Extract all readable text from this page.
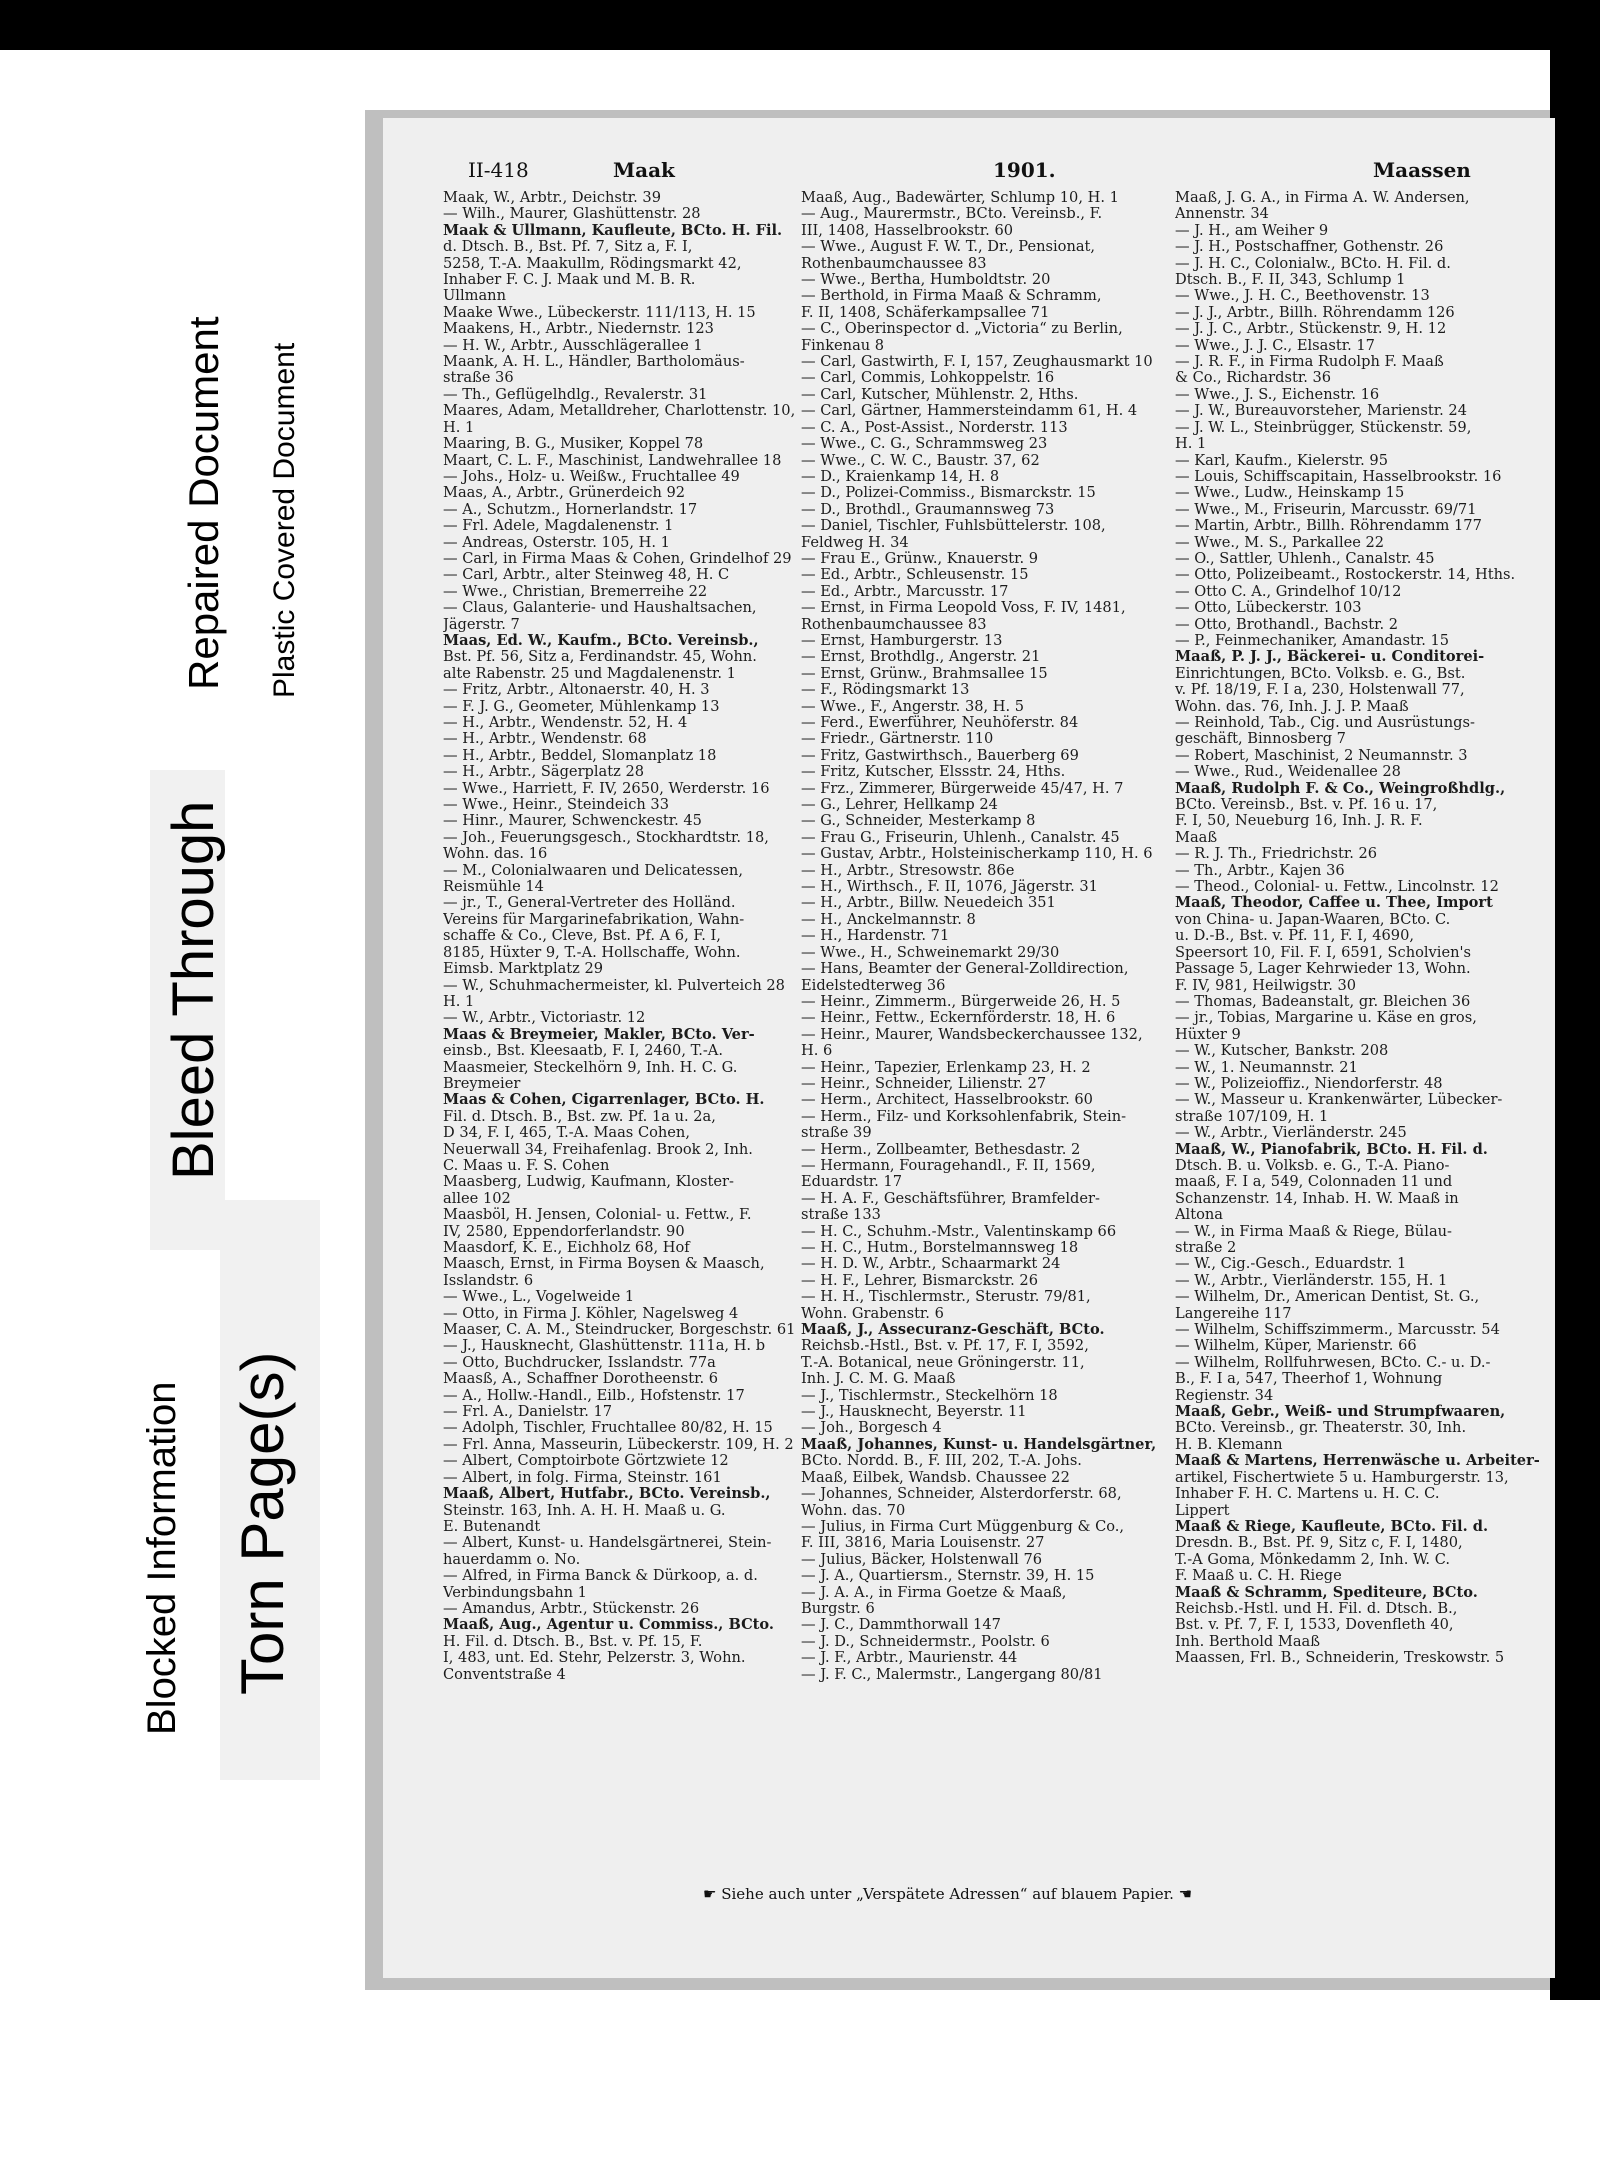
Blocked Information Torn Page(s)
Bleed Through
Repaired Document Plastic Covered Document
II-418	Maak	1901.	Maassen
Maak, W., Arbtr., Deichstr. 39
— Wilh., Maurer, Glashüttenstr. 28
Maak & Ullmann, Kaufleute, BCto. H. Fil.
d. Dtsch. B., Bst. Pf. 7, Sitz a, F. I,
5258, T.-A. Maakullm, Rödingsmarkt 42,
Inhaber F. C. J. Maak und M. B. R.
Ullmann
Maake Wwe., Lübeckerstr. 111/113, H. 15
Maakens, H., Arbtr., Niedernstr. 123
— H. W., Arbtr., Ausschlägerallee 1
Maank, A. H. L., Händler, Bartholomäus-
straße 36
— Th., Geflügelhdlg., Revalerstr. 31
Maares, Adam, Metalldreher, Charlottenstr. 10,
H. 1
Maaring, B. G., Musiker, Koppel 78
Maart, C. L. F., Maschinist, Landwehrallee 18
— Johs., Holz- u. Weißw., Fruchtallee 49
Maas, A., Arbtr., Grünerdeich 92
— A., Schutzm., Hornerlandstr. 17
— Frl. Adele, Magdalenenstr. 1
— Andreas, Osterstr. 105, H. 1
— Carl, in Firma Maas & Cohen, Grindelhof 29
— Carl, Arbtr., alter Steinweg 48, H. C
— Wwe., Christian, Bremerreihe 22
— Claus, Galanterie- und Haushaltsachen,
Jägerstr. 7
Maas, Ed. W., Kaufm., BCto. Vereinsb.,
Bst. Pf. 56, Sitz a, Ferdinandstr. 45, Wohn.
alte Rabenstr. 25 und Magdalenenstr. 1
— Fritz, Arbtr., Altonaerstr. 40, H. 3
— F. J. G., Geometer, Mühlenkamp 13
— H., Arbtr., Wendenstr. 52, H. 4
— H., Arbtr., Wendenstr. 68
— H., Arbtr., Beddel, Slomanplatz 18
— H., Arbtr., Sägerplatz 28
— Wwe., Harriett, F. IV, 2650, Werderstr. 16
— Wwe., Heinr., Steindeich 33
— Hinr., Maurer, Schwenckestr. 45
— Joh., Feuerungsgesch., Stockhardtstr. 18,
Wohn. das. 16
— M., Colonialwaaren und Delicatessen,
Reismühle 14
— jr., T., General-Vertreter des Holländ.
Vereins für Margarinefabrikation, Wahn-
schaffe & Co., Cleve, Bst. Pf. A 6, F. I,
8185, Hüxter 9, T.-A. Hollschaffe, Wohn.
Eimsb. Marktplatz 29
— W., Schuhmachermeister, kl. Pulverteich 28
H. 1
— W., Arbtr., Victoriastr. 12
Maas & Breymeier, Makler, BCto. Ver-
einsb., Bst. Kleesaatb, F. I, 2460, T.-A.
Maasmeier, Steckelhörn 9, Inh. H. C. G.
Breymeier
Maas & Cohen, Cigarrenlager, BCto. H.
Fil. d. Dtsch. B., Bst. zw. Pf. 1a u. 2a,
D 34, F. I, 465, T.-A. Maas Cohen,
Neuerwall 34, Freihafenlag. Brook 2, Inh.
C. Maas u. F. S. Cohen
Maasberg, Ludwig, Kaufmann, Kloster-
allee 102
Maasböl, H. Jensen, Colonial- u. Fettw., F.
IV, 2580, Eppendorferlandstr. 90
Maasdorf, K. E., Eichholz 68, Hof
Maasch, Ernst, in Firma Boysen & Maasch,
Isslandstr. 6
— Wwe., L., Vogelweide 1
— Otto, in Firma J. Köhler, Nagelsweg 4
Maaser, C. A. M., Steindrucker, Borgeschstr. 61
— J., Hausknecht, Glashüttenstr. 111a, H. b
— Otto, Buchdrucker, Isslandstr. 77a
Maasß, A., Schaffner Dorotheenstr. 6
— A., Hollw.-Handl., Eilb., Hofstenstr. 17
— Frl. A., Danielstr. 17
— Adolph, Tischler, Fruchtallee 80/82, H. 15
— Frl. Anna, Masseurin, Lübeckerstr. 109, H. 2
— Albert, Comptoirbote Görtzwiete 12
— Albert, in folg. Firma, Steinstr. 161
Maaß, Albert, Hutfabr., BCto. Vereinsb.,
Steinstr. 163, Inh. A. H. H. Maaß u. G.
E. Butenandt
— Albert, Kunst- u. Handelsgärtnerei, Stein-
hauerdamm o. No.
— Alfred, in Firma Banck & Dürkoop, a. d.
Verbindungsbahn 1
— Amandus, Arbtr., Stückenstr. 26
Maaß, Aug., Agentur u. Commiss., BCto.
H. Fil. d. Dtsch. B., Bst. v. Pf. 15, F.
I, 483, unt. Ed. Stehr, Pelzerstr. 3, Wohn.
Conventstraße 4
Maaß, Aug., Badewärter, Schlump 10, H. 1
— Aug., Maurermstr., BCto. Vereinsb., F.
III, 1408, Hasselbrookstr. 60
— Wwe., August F. W. T., Dr., Pensionat,
Rothenbaumchaussee 83
— Wwe., Bertha, Humboldtstr. 20
— Berthold, in Firma Maaß & Schramm,
F. II, 1408, Schäferkampsallee 71
— C., Oberinspector d. „Victoria“ zu Berlin,
Finkenau 8
— Carl, Gastwirth, F. I, 157, Zeughausmarkt 10
— Carl, Commis, Lohkoppelstr. 16
— Carl, Kutscher, Mühlenstr. 2, Hths.
— Carl, Gärtner, Hammersteindamm 61, H. 4
— C. A., Post-Assist., Norderstr. 113
— Wwe., C. G., Schrammsweg 23
— Wwe., C. W. C., Baustr. 37, 62
— D., Kraienkamp 14, H. 8
— D., Polizei-Commiss., Bismarckstr. 15
— D., Brothdl., Graumannsweg 73
— Daniel, Tischler, Fuhlsbüttelerstr. 108,
Feldweg H. 34
— Frau E., Grünw., Knauerstr. 9
— Ed., Arbtr., Schleusenstr. 15
— Ed., Arbtr., Marcusstr. 17
— Ernst, in Firma Leopold Voss, F. IV, 1481,
Rothenbaumchaussee 83
— Ernst, Hamburgerstr. 13
— Ernst, Brothdlg., Angerstr. 21
— Ernst, Grünw., Brahmsallee 15
— F., Rödingsmarkt 13
— Wwe., F., Angerstr. 38, H. 5
— Ferd., Ewerführer, Neuhöferstr. 84
— Friedr., Gärtnerstr. 110
— Fritz, Gastwirthsch., Bauerberg 69
— Fritz, Kutscher, Elssstr. 24, Hths.
— Frz., Zimmerer, Bürgerweide 45/47, H. 7
— G., Lehrer, Hellkamp 24
— G., Schneider, Mesterkamp 8
— Frau G., Friseurin, Uhlenh., Canalstr. 45
— Gustav, Arbtr., Holsteinischerkamp 110, H. 6
— H., Arbtr., Stresowstr. 86e
— H., Wirthsch., F. II, 1076, Jägerstr. 31
— H., Arbtr., Billw. Neuedeich 351
— H., Anckelmannstr. 8
— H., Hardenstr. 71
— Wwe., H., Schweinemarkt 29/30
— Hans, Beamter der General-Zolldirection,
Eidelstedterweg 36
— Heinr., Zimmerm., Bürgerweide 26, H. 5
— Heinr., Fettw., Eckernförderstr. 18, H. 6
— Heinr., Maurer, Wandsbeckerchaussee 132,
H. 6
— Heinr., Tapezier, Erlenkamp 23, H. 2
— Heinr., Schneider, Lilienstr. 27
— Herm., Architect, Hasselbrookstr. 60
— Herm., Filz- und Korksohlenfabrik, Stein-
straße 39
— Herm., Zollbeamter, Bethesdastr. 2
— Hermann, Fouragehandl., F. II, 1569,
Eduardstr. 17
— H. A. F., Geschäftsführer, Bramfelder-
straße 133
— H. C., Schuhm.-Mstr., Valentinskamp 66
— H. C., Hutm., Borstelmannsweg 18
— H. D. W., Arbtr., Schaarmarkt 24
— H. F., Lehrer, Bismarckstr. 26
— H. H., Tischlermstr., Sterustr. 79/81,
Wohn. Grabenstr. 6
Maaß, J., Assecuranz-Geschäft, BCto.
Reichsb.-Hstl., Bst. v. Pf. 17, F. I, 3592,
T.-A. Botanical, neue Gröningerstr. 11,
Inh. J. C. M. G. Maaß
— J., Tischlermstr., Steckelhörn 18
— J., Hausknecht, Beyerstr. 11
— Joh., Borgesch 4
Maaß, Johannes, Kunst- u. Handelsgärtner,
BCto. Nordd. B., F. III, 202, T.-A. Johs.
Maaß, Eilbek, Wandsb. Chaussee 22
— Johannes, Schneider, Alsterdorferstr. 68,
Wohn. das. 70
— Julius, in Firma Curt Müggenburg & Co.,
F. III, 3816, Maria Louisenstr. 27
— Julius, Bäcker, Holstenwall 76
— J. A., Quartiersm., Sternstr. 39, H. 15
— J. A. A., in Firma Goetze & Maaß,
Burgstr. 6
— J. C., Dammthorwall 147
— J. D., Schneidermstr., Poolstr. 6
— J. F., Arbtr., Maurienstr. 44
— J. F. C., Malermstr., Langergang 80/81
Maaß, J. G. A., in Firma A. W. Andersen,
Annenstr. 34
— J. H., am Weiher 9
— J. H., Postschaffner, Gothenstr. 26
— J. H. C., Colonialw., BCto. H. Fil. d.
Dtsch. B., F. II, 343, Schlump 1
— Wwe., J. H. C., Beethovenstr. 13
— J. J., Arbtr., Billh. Röhrendamm 126
— J. J. C., Arbtr., Stückenstr. 9, H. 12
— Wwe., J. J. C., Elsastr. 17
— J. R. F., in Firma Rudolph F. Maaß
& Co., Richardstr. 36
— Wwe., J. S., Eichenstr. 16
— J. W., Bureauvorsteher, Marienstr. 24
— J. W. L., Steinbrügger, Stückenstr. 59,
H. 1
— Karl, Kaufm., Kielerstr. 95
— Louis, Schiffscapitain, Hasselbrookstr. 16
— Wwe., Ludw., Heinskamp 15
— Wwe., M., Friseurin, Marcusstr. 69/71
— Martin, Arbtr., Billh. Röhrendamm 177
— Wwe., M. S., Parkallee 22
— O., Sattler, Uhlenh., Canalstr. 45
— Otto, Polizeibeamt., Rostockerstr. 14, Hths.
— Otto C. A., Grindelhof 10/12
— Otto, Lübeckerstr. 103
— Otto, Brothandl., Bachstr. 2
— P., Feinmechaniker, Amandastr. 15
Maaß, P. J. J., Bäckerei- u. Conditorei-
Einrichtungen, BCto. Volksb. e. G., Bst.
v. Pf. 18/19, F. I a, 230, Holstenwall 77,
Wohn. das. 76, Inh. J. J. P. Maaß
— Reinhold, Tab., Cig. und Ausrüstungs-
geschäft, Binnosberg 7
— Robert, Maschinist, 2 Neumannstr. 3
— Wwe., Rud., Weidenallee 28
Maaß, Rudolph F. & Co., Weingroßhdlg.,
BCto. Vereinsb., Bst. v. Pf. 16 u. 17,
F. I, 50, Neueburg 16, Inh. J. R. F.
Maaß
— R. J. Th., Friedrichstr. 26
— Th., Arbtr., Kajen 36
— Theod., Colonial- u. Fettw., Lincolnstr. 12
Maaß, Theodor, Caffee u. Thee, Import
von China- u. Japan-Waaren, BCto. C.
u. D.-B., Bst. v. Pf. 11, F. I, 4690,
Speersort 10, Fil. F. I, 6591, Scholvien's
Passage 5, Lager Kehrwieder 13, Wohn.
F. IV, 981, Heilwigstr. 30
— Thomas, Badeanstalt, gr. Bleichen 36
— jr., Tobias, Margarine u. Käse en gros,
Hüxter 9
— W., Kutscher, Bankstr. 208
— W., 1. Neumannstr. 21
— W., Polizeioffiz., Niendorferstr. 48
— W., Masseur u. Krankenwärter, Lübecker-
straße 107/109, H. 1
— W., Arbtr., Vierländerstr. 245
Maaß, W., Pianofabrik, BCto. H. Fil. d.
Dtsch. B. u. Volksb. e. G., T.-A. Piano-
maaß, F. I a, 549, Colonnaden 11 und
Schanzenstr. 14, Inhab. H. W. Maaß in
Altona
— W., in Firma Maaß & Riege, Bülau-
straße 2
— W., Cig.-Gesch., Eduardstr. 1
— W., Arbtr., Vierländerstr. 155, H. 1
— Wilhelm, Dr., American Dentist, St. G.,
Langereihe 117
— Wilhelm, Schiffszimmerm., Marcusstr. 54
— Wilhelm, Küper, Marienstr. 66
— Wilhelm, Rollfuhrwesen, BCto. C.- u. D.-
B., F. I a, 547, Theerhof 1, Wohnung
Regienstr. 34
Maaß, Gebr., Weiß- und Strumpfwaaren,
BCto. Vereinsb., gr. Theaterstr. 30, Inh.
H. B. Klemann
Maaß & Martens, Herrenwäsche u. Arbeiter-
artikel, Fischertwiete 5 u. Hamburgerstr. 13,
Inhaber F. H. C. Martens u. H. C. C.
Lippert
Maaß & Riege, Kaufleute, BCto. Fil. d.
Dresdn. B., Bst. Pf. 9, Sitz c, F. I, 1480,
T.-A Goma, Mönkedamm 2, Inh. W. C.
F. Maaß u. C. H. Riege
Maaß & Schramm, Spediteure, BCto.
Reichsb.-Hstl. und H. Fil. d. Dtsch. B.,
Bst. v. Pf. 7, F. I, 1533, Dovenfleth 40,
Inh. Berthold Maaß
Maassen, Frl. B., Schneiderin, Treskowstr. 5
☛ Siehe auch unter „Verspätete Adressen“ auf blauem Papier. ☚
